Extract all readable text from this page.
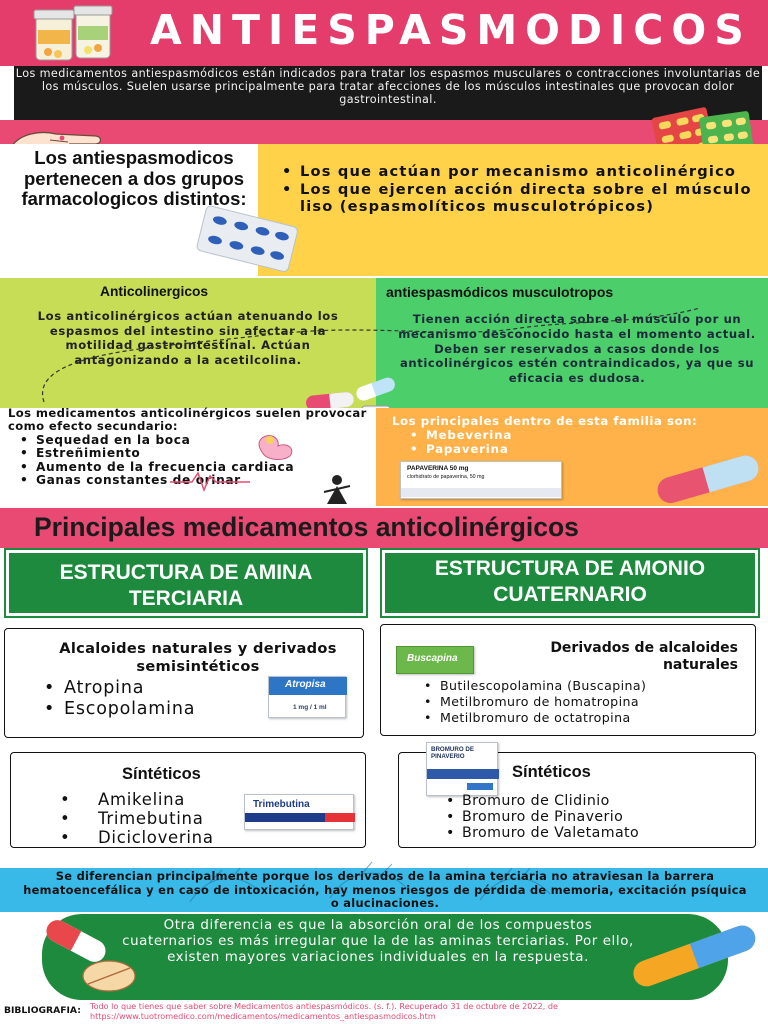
ANTIESPASMODICOS
Los medicamentos antiespasmódicos están indicados para tratar los espasmos musculares o contracciones involuntarias de los músculos. Suelen usarse principalmente para tratar afecciones de los músculos intestinales que provocan dolor gastrointestinal.
Los antiespasmodicos pertenecen a dos grupos farmacologicos distintos:
• Los que actúan por mecanismo anticolinérgico
• Los que ejercen acción directa sobre el músculo liso (espasmolíticos musculotrópicos)
Anticolinergicos	antiespasmódicos musculotropos
Los anticolinérgicos actúan atenuando los espasmos del intestino sin afectar a la motilidad gastrointestinal. Actúan antagonizando a la acetilcolina.
Tienen acción directa sobre el músculo por un mecanismo desconocido hasta el momento actual. Deben ser reservados a casos donde los anticolinérgicos estén contraindicados, ya que su eficacia es dudosa.
Los medicamentos anticolinérgicos suelen provocar como efecto secundario:
• Sequedad en la boca
• Estreñimiento
• Aumento de la frecuencia cardiaca
• Ganas constantes de orinar
Los principales dentro de esta familia son:
• Mebeverina
• Papaverina
PAPAVERINA 50 mg
clorhidrato de papaverina, 50 mg
Principales medicamentos anticolinérgicos
ESTRUCTURA DE AMINA TERCIARIA
ESTRUCTURA DE AMONIO CUATERNARIO
Alcaloides naturales y derivados semisintéticos
• Atropina
• Escopolamina
Atropisa
1 mg / 1 ml
Buscapina
Derivados de alcaloides naturales
• Butilescopolamina (Buscapina)
• Metilbromuro de homatropina
• Metilbromuro de octatropina
Síntéticos
• Amikelina
• Trimebutina
• Diciclоverina
Trimebutina
BROMURO DE PINAVERIO
Síntéticos
• Bromuro de Clidinio
• Bromuro de Pinaverio
• Bromuro de Valetamato
Se diferencian principalmente porque los derivados de la amina terciaria no atraviesan la barrera hematoencefálica y en caso de intoxicación, hay menos riesgos de pérdida de memoria, excitación psíquica o alucinaciones.
Otra diferencia es que la absorción oral de los compuestos cuaternarios es más irregular que la de las aminas terciarias. Por ello, existen mayores variaciones individuales en la respuesta.
BIBLIOGRAFIA: Todo lo que tienes que saber sobre Medicamentos antiespasmódicos. (s. f.). Recuperado 31 de octubre de 2022, de https://www.tuotromedico.com/medicamentos/medicamentos_antiespasmodicos.htm
